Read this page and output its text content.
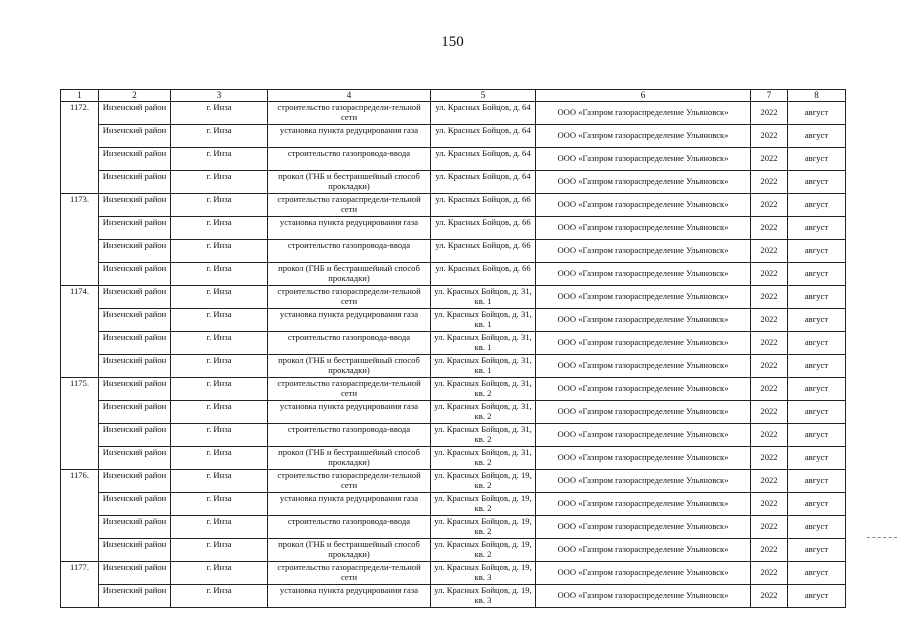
150
1	2	3	4	5	6	7	8
1172.	Инзенский район	г. Инза	строительство газораспредели-тельной сети	ул. Красных Бойцов, д. 64	ООО «Газпром газораспределение Ульяновск»	2022	август
	Инзенский район	г. Инза	установка пункта редуцирования газа	ул. Красных Бойцов, д. 64	ООО «Газпром газораспределение Ульяновск»	2022	август
	Инзенский район	г. Инза	строительство газопровода-ввода	ул. Красных Бойцов, д. 64	ООО «Газпром газораспределение Ульяновск»	2022	август
	Инзенский район	г. Инза	прокол (ГНБ и бестраншейный способ прокладки)	ул. Красных Бойцов, д. 64	ООО «Газпром газораспределение Ульяновск»	2022	август
1173.	Инзенский район	г. Инза	строительство газораспредели-тельной сети	ул. Красных Бойцов, д. 66	ООО «Газпром газораспределение Ульяновск»	2022	август
	Инзенский район	г. Инза	установка пункта редуцирования газа	ул. Красных Бойцов, д. 66	ООО «Газпром газораспределение Ульяновск»	2022	август
	Инзенский район	г. Инза	строительство газопровода-ввода	ул. Красных Бойцов, д. 66	ООО «Газпром газораспределение Ульяновск»	2022	август
	Инзенский район	г. Инза	прокол (ГНБ и бестраншейный способ прокладки)	ул. Красных Бойцов, д. 66	ООО «Газпром газораспределение Ульяновск»	2022	август
1174.	Инзенский район	г. Инза	строительство газораспредели-тельной сети	ул. Красных Бойцов, д. 31, кв. 1	ООО «Газпром газораспределение Ульяновск»	2022	август
	Инзенский район	г. Инза	установка пункта редуцирования газа	ул. Красных Бойцов, д. 31, кв. 1	ООО «Газпром газораспределение Ульяновск»	2022	август
	Инзенский район	г. Инза	строительство газопровода-ввода	ул. Красных Бойцов, д. 31, кв. 1	ООО «Газпром газораспределение Ульяновск»	2022	август
	Инзенский район	г. Инза	прокол (ГНБ и бестраншейный способ прокладки)	ул. Красных Бойцов, д. 31, кв. 1	ООО «Газпром газораспределение Ульяновск»	2022	август
1175.	Инзенский район	г. Инза	строительство газораспредели-тельной сети	ул. Красных Бойцов, д. 31, кв. 2	ООО «Газпром газораспределение Ульяновск»	2022	август
	Инзенский район	г. Инза	установка пункта редуцирования газа	ул. Красных Бойцов, д. 31, кв. 2	ООО «Газпром газораспределение Ульяновск»	2022	август
	Инзенский район	г. Инза	строительство газопровода-ввода	ул. Красных Бойцов, д. 31, кв. 2	ООО «Газпром газораспределение Ульяновск»	2022	август
	Инзенский район	г. Инза	прокол (ГНБ и бестраншейный способ прокладки)	ул. Красных Бойцов, д. 31, кв. 2	ООО «Газпром газораспределение Ульяновск»	2022	август
1176.	Инзенский район	г. Инза	строительство газораспредели-тельной сети	ул. Красных Бойцов, д. 19, кв. 2	ООО «Газпром газораспределение Ульяновск»	2022	август
	Инзенский район	г. Инза	установка пункта редуцирования газа	ул. Красных Бойцов, д. 19, кв. 2	ООО «Газпром газораспределение Ульяновск»	2022	август
	Инзенский район	г. Инза	строительство газопровода-ввода	ул. Красных Бойцов, д. 19, кв. 2	ООО «Газпром газораспределение Ульяновск»	2022	август
	Инзенский район	г. Инза	прокол (ГНБ и бестраншейный способ прокладки)	ул. Красных Бойцов, д. 19, кв. 2	ООО «Газпром газораспределение Ульяновск»	2022	август
1177.	Инзенский район	г. Инза	строительство газораспредели-тельной сети	ул. Красных Бойцов, д. 19, кв. 3	ООО «Газпром газораспределение Ульяновск»	2022	август
	Инзенский район	г. Инза	установка пункта редуцирования газа	ул. Красных Бойцов, д. 19, кв. 3	ООО «Газпром газораспределение Ульяновск»	2022	август
